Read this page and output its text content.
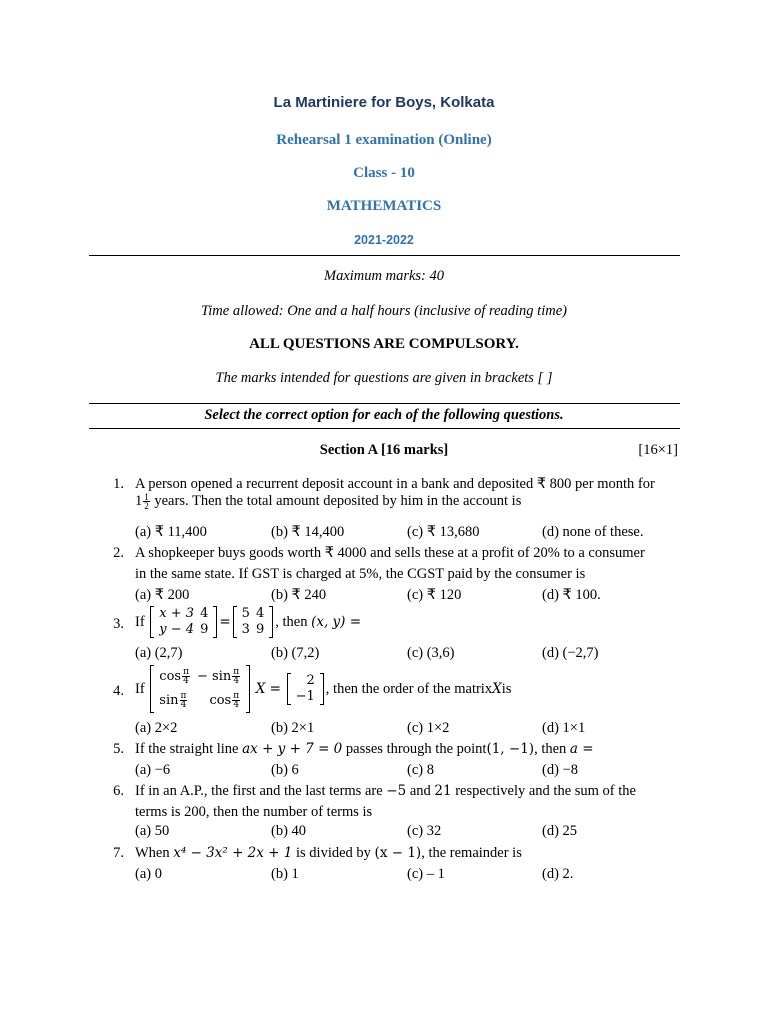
La Martiniere for Boys, Kolkata
Rehearsal 1 examination (Online)
Class - 10
MATHEMATICS
2021-2022
Maximum marks: 40
Time allowed: One and a half hours (inclusive of reading time)
ALL QUESTIONS ARE COMPULSORY.
The marks intended for questions are given in brackets [ ]
Select the correct option for each of the following questions.
Section A [16 marks]	[16×1]
1. A person opened a recurrent deposit account in a bank and deposited ₹ 800 per month for
$1 \frac{1}{2}$ years. Then the total amount deposited by him in the account is
(a) ₹ 11,400	(b) ₹ 14,400	(c) ₹ 13,680	(d) none of these.
2. A shopkeeper buys goods worth ₹ 4000 and sells these at a profit of 20% to a consumer
in the same state. If GST is charged at 5%, the CGST paid by the consumer is
(a) ₹ 200	(b) ₹ 240	(c) ₹ 120	(d) ₹ 100.
3. If x + 3	4
y − 4	9 =
5	4
3	9 , then (x, y) =
(a) (2,7)	(b) (7,2)	(c) (3,6)	(d) (−2,7)
4. If
$\cos \frac{\pi}{4}$	− $\sin \frac{\pi}{4}$

$\sin \frac{\pi}{4}$	$\cos \frac{\pi}{4}$
X =
2
−1 , then the order of the matrixXis
(a) 2×2	(b) 2×1	(c) 1×2	(d) 1×1
5. If the straight line ax + y + 7 = 0 passes through the point(1, −1), then a =
(a) −6	(b) 6	(c) 8	(d) −8
6. If in an A.P., the first and the last terms are −5 and 21 respectively and the sum of the
terms is 200, then the number of terms is
(a) 50	(b) 40	(c) 32	(d) 25
7. When x⁴ − 3x² + 2x + 1 is divided by (x − 1), the remainder is
(a) 0	(b) 1	(c) – 1	(d) 2.
